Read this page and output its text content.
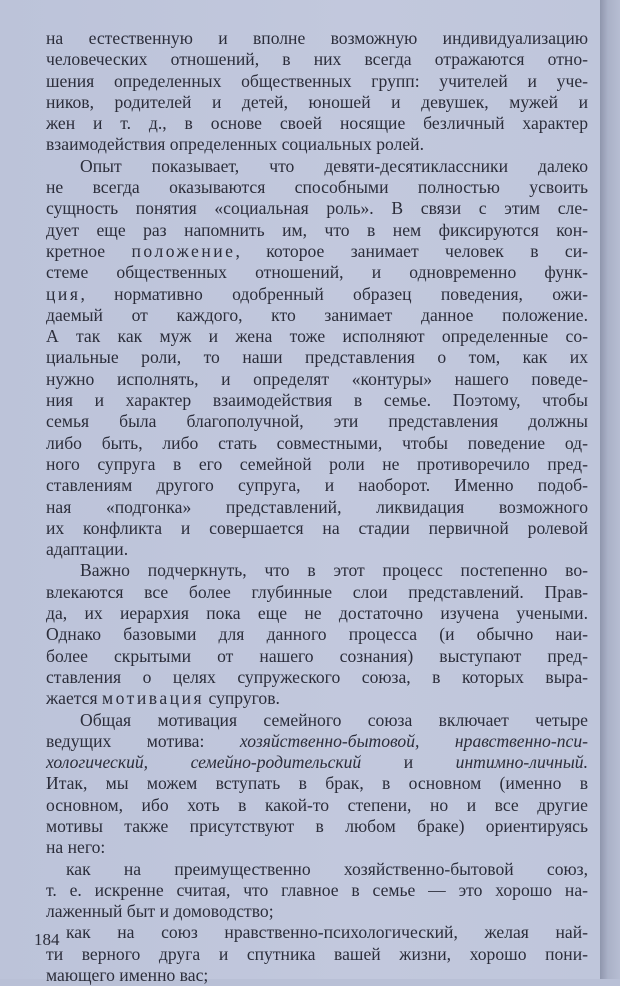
на естественную и вполне возможную индивидуализацию
человеческих отношений, в них всегда отражаются отно-
шения определенных общественных групп: учителей и уче-
ников, родителей и детей, юношей и девушек, мужей и
жен и т. д., в основе своей носящие безличный характер
взаимодействия определенных социальных ролей.
Опыт показывает, что девяти-десятиклассники далеко
не всегда оказываются способными полностью усвоить
сущность понятия «социальная роль». В связи с этим сле-
дует еще раз напомнить им, что в нем фиксируются кон-
кретное положение, которое занимает человек в си-
стеме общественных отношений, и одновременно функ-
ция, нормативно одобренный образец поведения, ожи-
даемый от каждого, кто занимает данное положение.
А так как муж и жена тоже исполняют определенные со-
циальные роли, то наши представления о том, как их
нужно исполнять, и определят «контуры» нашего поведе-
ния и характер взаимодействия в семье. Поэтому, чтобы
семья была благополучной, эти представления должны
либо быть, либо стать совместными, чтобы поведение од-
ного супруга в его семейной роли не противоречило пред-
ставлениям другого супруга, и наоборот. Именно подоб-
ная «подгонка» представлений, ликвидация возможного
их конфликта и совершается на стадии первичной ролевой
адаптации.
Важно подчеркнуть, что в этот процесс постепенно во-
влекаются все более глубинные слои представлений. Прав-
да, их иерархия пока еще не достаточно изучена учеными.
Однако базовыми для данного процесса (и обычно наи-
более скрытыми от нашего сознания) выступают пред-
ставления о целях супружеского союза, в которых выра-
жается мотивация супругов.
Общая мотивация семейного союза включает четыре
ведущих мотива: хозяйственно-бытовой, нравственно-пси-
хологический, семейно-родительский и интимно-личный.
Итак, мы можем вступать в брак, в основном (именно в
основном, ибо хоть в какой-то степени, но и все другие
мотивы также присутствуют в любом браке) ориентируясь
на него:
как на преимущественно хозяйственно-бытовой союз,
т. е. искренне считая, что главное в семье — это хорошо на-
лаженный быт и домоводство;
как на союз нравственно-психологический, желая най-
ти верного друга и спутника вашей жизни, хорошо пони-
мающего именно вас;
184
